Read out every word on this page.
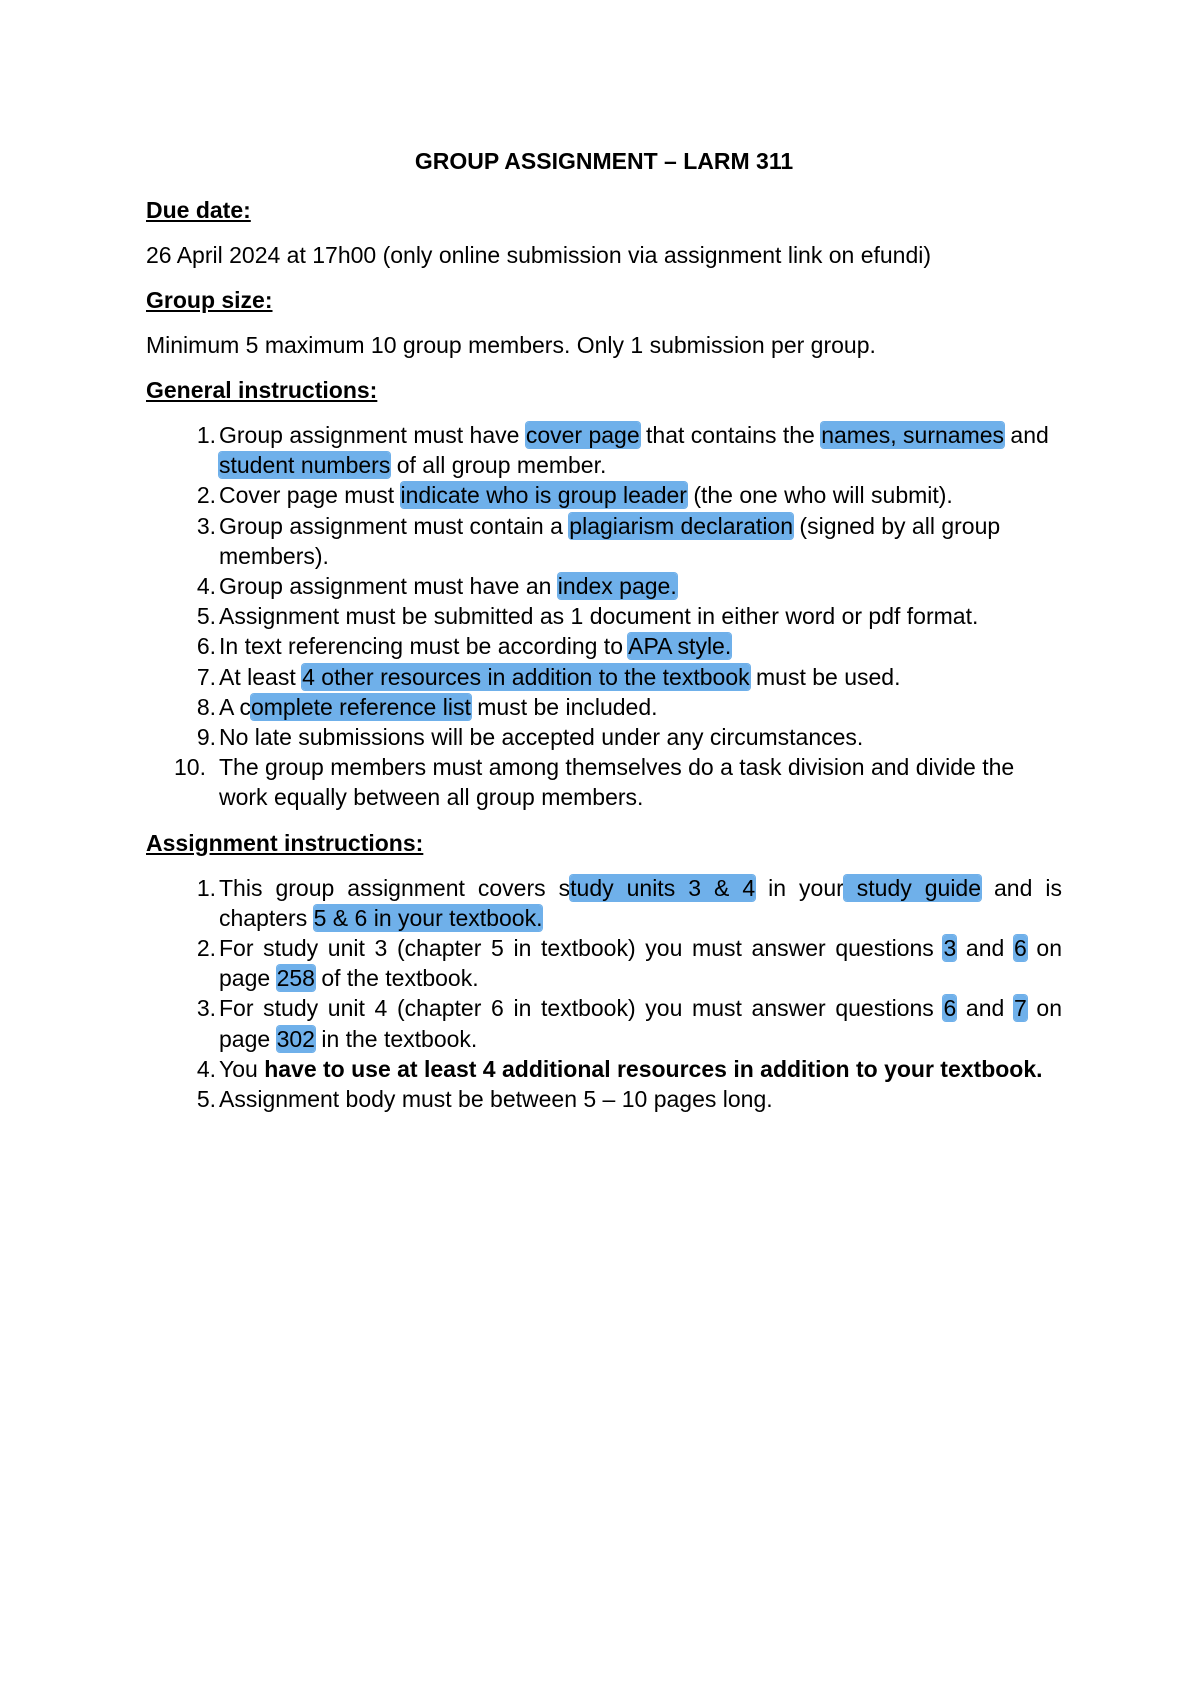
GROUP ASSIGNMENT – LARM 311
Due date:
26 April 2024 at 17h00 (only online submission via assignment link on efundi)
Group size:
Minimum 5 maximum 10 group members. Only 1 submission per group.
General instructions:
1. Group assignment must have cover page that contains the names, surnames and student numbers of all group member.
2. Cover page must indicate who is group leader (the one who will submit).
3. Group assignment must contain a plagiarism declaration (signed by all group members).
4. Group assignment must have an index page.
5. Assignment must be submitted as 1 document in either word or pdf format.
6. In text referencing must be according to APA style.
7. At least 4 other resources in addition to the textbook must be used.
8. A complete reference list must be included.
9. No late submissions will be accepted under any circumstances.
10. The group members must among themselves do a task division and divide the work equally between all group members.
Assignment instructions:
1. This group assignment covers study units 3 & 4 in your study guide and is chapters 5 & 6 in your textbook.
2. For study unit 3 (chapter 5 in textbook) you must answer questions 3 and 6 on page 258 of the textbook.
3. For study unit 4 (chapter 6 in textbook) you must answer questions 6 and 7 on page 302 in the textbook.
4. You have to use at least 4 additional resources in addition to your textbook.
5. Assignment body must be between 5 – 10 pages long.
